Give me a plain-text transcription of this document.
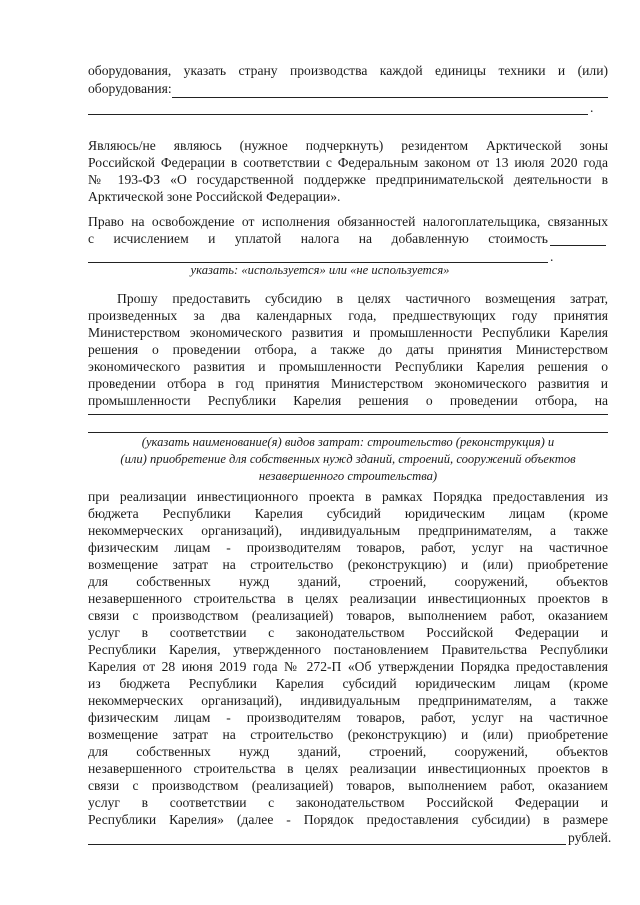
оборудования, указать страну производства каждой единицы техники и (или)
оборудования:
.
Являюсь/не являюсь (нужное подчеркнуть) резидентом Арктической зоны
Российской Федерации в соответствии с Федеральным законом от 13 июля 2020 года
№ 193-ФЗ «О государственной поддержке предпринимательской деятельности в
Арктической зоне Российской Федерации».
Право на освобождение от исполнения обязанностей налогоплательщика, связанных
с исчислением и уплатой налога на добавленную стоимость
.
указать: «используется» или «не используется»
Прошу предоставить субсидию в целях частичного возмещения затрат,
произведенных за два календарных года, предшествующих году принятия
Министерством экономического развития и промышленности Республики Карелия
решения о проведении отбора, а также до даты принятия Министерством
экономического развития и промышленности Республики Карелия решения о
проведении отбора в год принятия Министерством экономического развития и
промышленности Республики Карелия решения о проведении отбора, на
(указать наименование(я) видов затрат: строительство (реконструкция) и
(или) приобретение для собственных нужд зданий, строений, сооружений объектов
незавершенного строительства)
при реализации инвестиционного проекта в рамках Порядка предоставления из
бюджета Республики Карелия субсидий юридическим лицам (кроме
некоммерческих организаций), индивидуальным предпринимателям, а также
физическим лицам - производителям товаров, работ, услуг на частичное
возмещение затрат на строительство (реконструкцию) и (или) приобретение
для собственных нужд зданий, строений, сооружений, объектов
незавершенного строительства в целях реализации инвестиционных проектов в
связи с производством (реализацией) товаров, выполнением работ, оказанием
услуг в соответствии с законодательством Российской Федерации и
Республики Карелия, утвержденного постановлением Правительства Республики
Карелия от 28 июня 2019 года № 272-П «Об утверждении Порядка предоставления
из бюджета Республики Карелия субсидий юридическим лицам (кроме
некоммерческих организаций), индивидуальным предпринимателям, а также
физическим лицам - производителям товаров, работ, услуг на частичное
возмещение затрат на строительство (реконструкцию) и (или) приобретение
для собственных нужд зданий, строений, сооружений, объектов
незавершенного строительства в целях реализации инвестиционных проектов в
связи с производством (реализацией) товаров, выполнением работ, оказанием
услуг в соответствии с законодательством Российской Федерации и
Республики Карелия» (далее - Порядок предоставления субсидии) в размере
рублей.
